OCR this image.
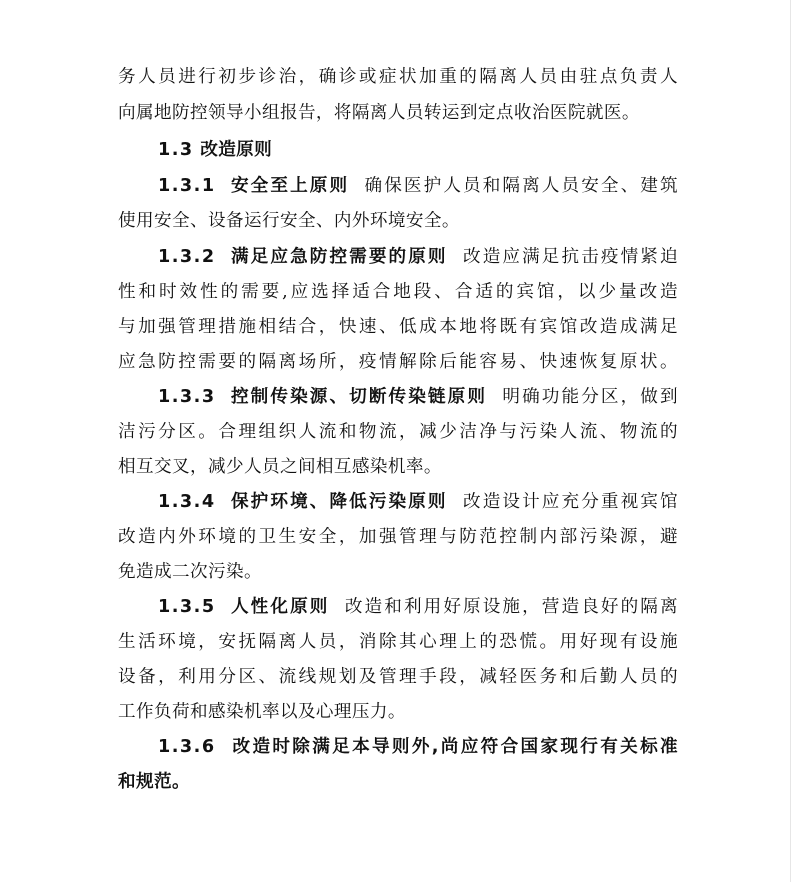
务人员进行初步诊治，确诊或症状加重的隔离人员由驻点负责人
向属地防控领导小组报告，将隔离人员转运到定点收治医院就医。
1.3 改造原则
1.3.1 安全至上原则 确保医护人员和隔离人员安全、建筑
使用安全、设备运行安全、内外环境安全。
1.3.2 满足应急防控需要的原则 改造应满足抗击疫情紧迫
性和时效性的需要,应选择适合地段、合适的宾馆，以少量改造
与加强管理措施相结合，快速、低成本地将既有宾馆改造成满足
应急防控需要的隔离场所，疫情解除后能容易、快速恢复原状。
1.3.3 控制传染源、切断传染链原则 明确功能分区，做到
洁污分区。合理组织人流和物流，减少洁净与污染人流、物流的
相互交叉，减少人员之间相互感染机率。
1.3.4 保护环境、降低污染原则 改造设计应充分重视宾馆
改造内外环境的卫生安全，加强管理与防范控制内部污染源，避
免造成二次污染。
1.3.5 人性化原则 改造和利用好原设施，营造良好的隔离
生活环境，安抚隔离人员，消除其心理上的恐慌。用好现有设施
设备，利用分区、流线规划及管理手段，减轻医务和后勤人员的
工作负荷和感染机率以及心理压力。
1.3.6 改造时除满足本导则外,尚应符合国家现行有关标准
和规范。
